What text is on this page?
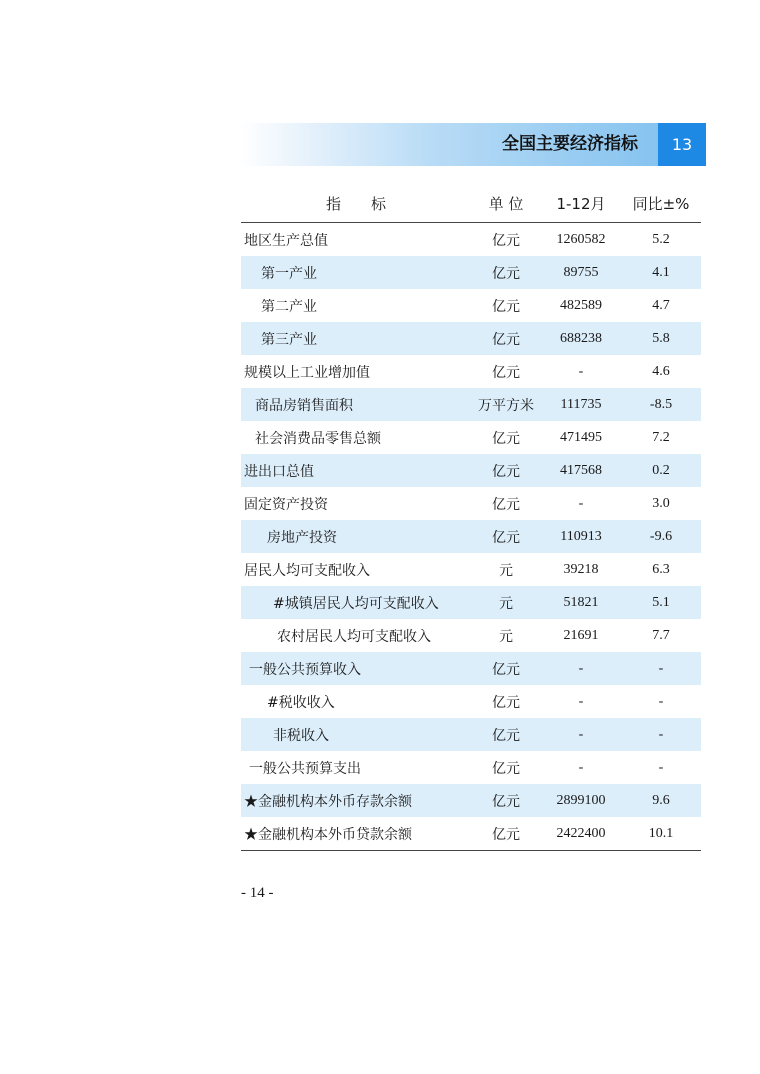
全国主要经济指标	13
指　　标	单 位	1-12月	同比±%
地区生产总值	亿元	1260582	5.2
第一产业	亿元	89755	4.1
第二产业	亿元	482589	4.7
第三产业	亿元	688238	5.8
规模以上工业增加值	亿元	-	4.6
商品房销售面积	万平方米	111735	-8.5
社会消费品零售总额	亿元	471495	7.2
进出口总值	亿元	417568	0.2
固定资产投资	亿元	-	3.0
房地产投资	亿元	110913	-9.6
居民人均可支配收入	元	39218	6.3
#城镇居民人均可支配收入	元	51821	5.1
农村居民人均可支配收入	元	21691	7.7
一般公共预算收入	亿元	-	-
#税收收入	亿元	-	-
非税收入	亿元	-	-
一般公共预算支出	亿元	-	-
★金融机构本外币存款余额	亿元	2899100	9.6
★金融机构本外币贷款余额	亿元	2422400	10.1
- 14 -
